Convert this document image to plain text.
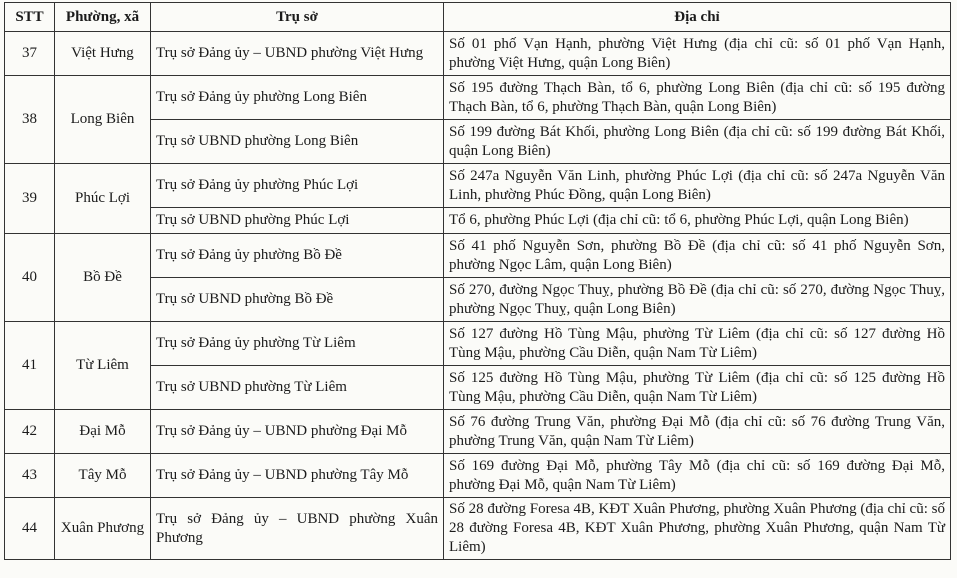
STT	Phường, xã	Trụ sở	Địa chỉ
37	Việt Hưng	Trụ sở Đảng ủy – UBND phường Việt Hưng	Số 01 phố Vạn Hạnh, phường Việt Hưng (địa chỉ cũ: số 01 phố Vạn Hạnh, phường Việt Hưng, quận Long Biên)
38	Long Biên	Trụ sở Đảng ủy phường Long Biên	Số 195 đường Thạch Bàn, tổ 6, phường Long Biên (địa chỉ cũ: số 195 đường Thạch Bàn, tổ 6, phường Thạch Bàn, quận Long Biên)
		Trụ sở UBND phường Long Biên	Số 199 đường Bát Khối, phường Long Biên (địa chỉ cũ: số 199 đường Bát Khối, quận Long Biên)
39	Phúc Lợi	Trụ sở Đảng ủy phường Phúc Lợi	Số 247a Nguyễn Văn Linh, phường Phúc Lợi (địa chỉ cũ: số 247a Nguyễn Văn Linh, phường Phúc Đồng, quận Long Biên)
		Trụ sở UBND phường Phúc Lợi	Tổ 6, phường Phúc Lợi (địa chỉ cũ: tổ 6, phường Phúc Lợi, quận Long Biên)
40	Bồ Đề	Trụ sở Đảng ủy phường Bồ Đề	Số 41 phố Nguyễn Sơn, phường Bồ Đề (địa chỉ cũ: số 41 phố Nguyễn Sơn, phường Ngọc Lâm, quận Long Biên)
		Trụ sở UBND phường Bồ Đề	Số 270, đường Ngọc Thuỵ, phường Bồ Đề (địa chỉ cũ: số 270, đường Ngọc Thuỵ, phường Ngọc Thuỵ, quận Long Biên)
41	Từ Liêm	Trụ sở Đảng ủy phường Từ Liêm	Số 127 đường Hồ Tùng Mậu, phường Từ Liêm (địa chỉ cũ: số 127 đường Hồ Tùng Mậu, phường Cầu Diễn, quận Nam Từ Liêm)
		Trụ sở UBND phường Từ Liêm	Số 125 đường Hồ Tùng Mậu, phường Từ Liêm (địa chỉ cũ: số 125 đường Hồ Tùng Mậu, phường Cầu Diễn, quận Nam Từ Liêm)
42	Đại Mỗ	Trụ sở Đảng ủy – UBND phường Đại Mỗ	Số 76 đường Trung Văn, phường Đại Mỗ (địa chỉ cũ: số 76 đường Trung Văn, phường Trung Văn, quận Nam Từ Liêm)
43	Tây Mỗ	Trụ sở Đảng ủy – UBND phường Tây Mỗ	Số 169 đường Đại Mỗ, phường Tây Mỗ (địa chỉ cũ: số 169 đường Đại Mỗ, phường Đại Mỗ, quận Nam Từ Liêm)
44	Xuân Phương	Trụ sở Đảng ủy – UBND phường Xuân Phương	Số 28 đường Foresa 4B, KĐT Xuân Phương, phường Xuân Phương (địa chỉ cũ: số 28 đường Foresa 4B, KĐT Xuân Phương, phường Xuân Phương, quận Nam Từ Liêm)
